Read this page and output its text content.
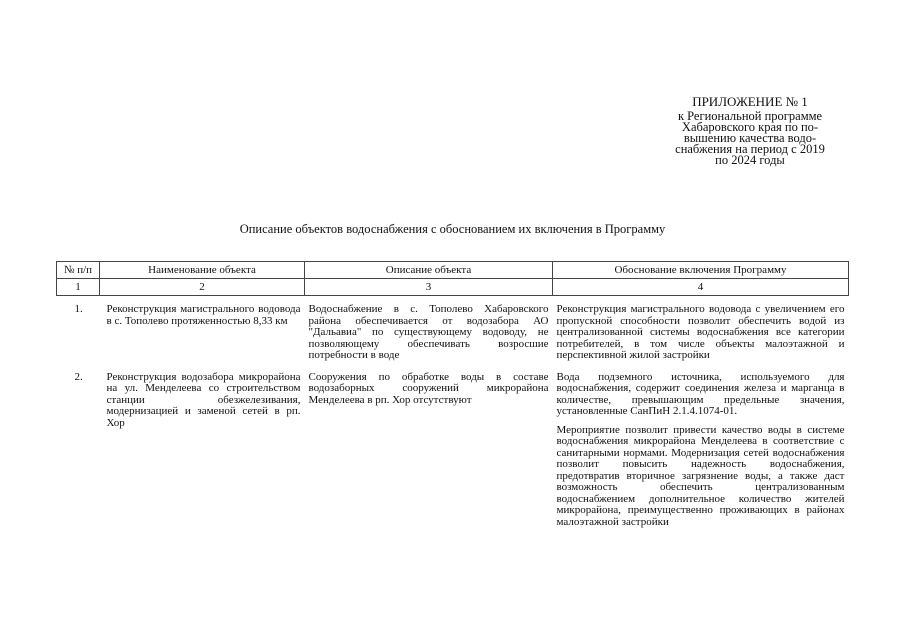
ПРИЛОЖЕНИЕ № 1
к Региональной программе
Хабаровского края по по-
вышению качества водо-
снабжения на период с 2019
по 2024 годы
Описание объектов водоснабжения с обоснованием их включения в Программу
№ п/п	Наименование объекта	Описание объекта	Обоснование включения Программу
1	2	3	4
1.	Реконструкция магистрального водовода в с. Тополево протяженностью 8,33 км	Водоснабжение в с. Тополево Хабаровского района обеспечивается от водозабора АО "Дальавиа" по существующему водоводу, не позволяющему обеспечивать возросшие потребности в воде	Реконструкция магистрального водовода с увеличением его пропускной способности позволит обеспечить водой из централизованной системы водоснабжения все категории потребителей, в том числе объекты малоэтажной и перспективной жилой застройки

2.	Реконструкция водозабора микрорайона на ул. Менделеева со строительством станции обезжелезивания, модернизацией и заменой сетей в рп. Хор	Сооружения по обработке воды в составе водозаборных сооружений микрорайона Менделеева в рп. Хор отсутствуют	Вода подземного источника, используемого для водоснабжения, содержит соединения железа и марганца в количестве, превышающим предельные значения, установленные СанПиН 2.1.4.1074-01.

Мероприятие позволит привести качество воды в системе водоснабжения микрорайона Менделеева в соответствие с санитарными нормами. Модернизация сетей водоснабжения позволит повысить надежность водоснабжения, предотвратив вторичное загрязнение воды, а также даст возможность обеспечить централизованным водоснабжением дополнительное количество жителей микрорайона, преимущественно проживающих в районах малоэтажной застройки
